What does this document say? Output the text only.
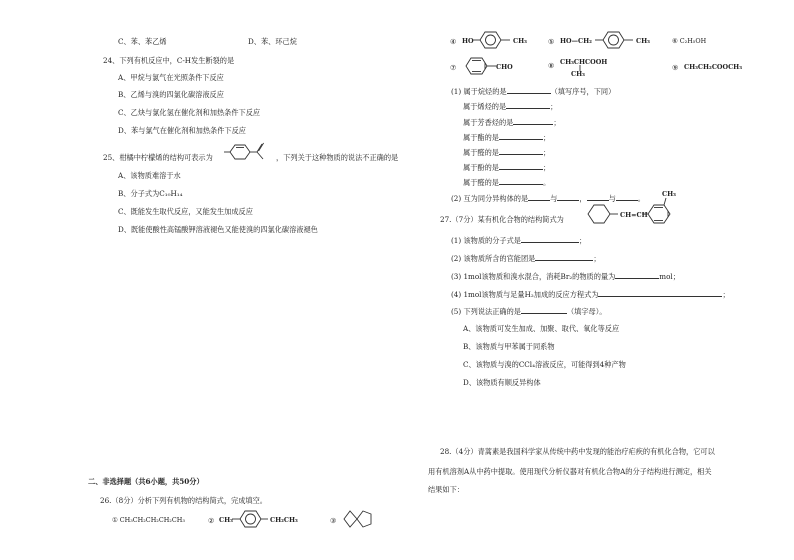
C、苯、苯乙烯	D、苯、环己烷
24、下列有机反应中，C-H发生断裂的是
A、甲烷与氯气在光照条件下反应
B、乙烯与溴的四氯化碳溶液反应
C、乙炔与氯化氢在催化剂和加热条件下反应
D、苯与氯气在催化剂和加热条件下反应
25、柑橘中柠檬烯的结构可表示为	，下列关于这种物质的说法不正确的是
A、该物质难溶于水
B、分子式为C₁₀H₁₄
C、既能发生取代反应，又能发生加成反应
D、既能使酸性高锰酸钾溶液褪色又能使溴的四氯化碳溶液褪色
二、非选择题（共6小题，共50分）
26.（8分）分析下列有机物的结构简式，完成填空。
① CH₃CH₂CH₂CH₂CH₃	② CH₃	CH₂CH₃	③
④ HO	CH₃	⑤ HO—CH₂	CH₃	⑥ C₂H₅OH
⑦	CHO	⑧ CH₃CHCOOH
CH₃
⑨ CH₃CH₂COOCH₃
(1) 属于烷烃的是	（填写序号，下同）
属于烯烃的是	；
属于芳香烃的是	；
属于酯的是	；
属于醛的是	；
属于酚的是	；
属于醛的是	。
(2) 互为同分异构体的是	与	，	与	。
27.（7分）某有机化合物的结构简式为	CH=CH
CH₃
(1) 该物质的分子式是	；
(2) 该物质所含的官能团是	；
(3) 1mol该物质和溴水混合，消耗Br₂的物质的量为	mol；
(4) 1mol该物质与足量H₂加成的反应方程式为	；
(5) 下列说法正确的是	（填字母）。
A、该物质可发生加成、加聚、取代、氧化等反应
B、该物质与甲苯属于同系物
C、该物质与溴的CCl₄溶液反应，可能得到4种产物
D、该物质有顺反异构体
28.（4分）青蒿素是我国科学家从传统中药中发现的能治疗疟疾的有机化合物，它可以
用有机溶剂A从中药中提取。使用现代分析仪器对有机化合物A的分子结构进行测定，相关
结果如下：
